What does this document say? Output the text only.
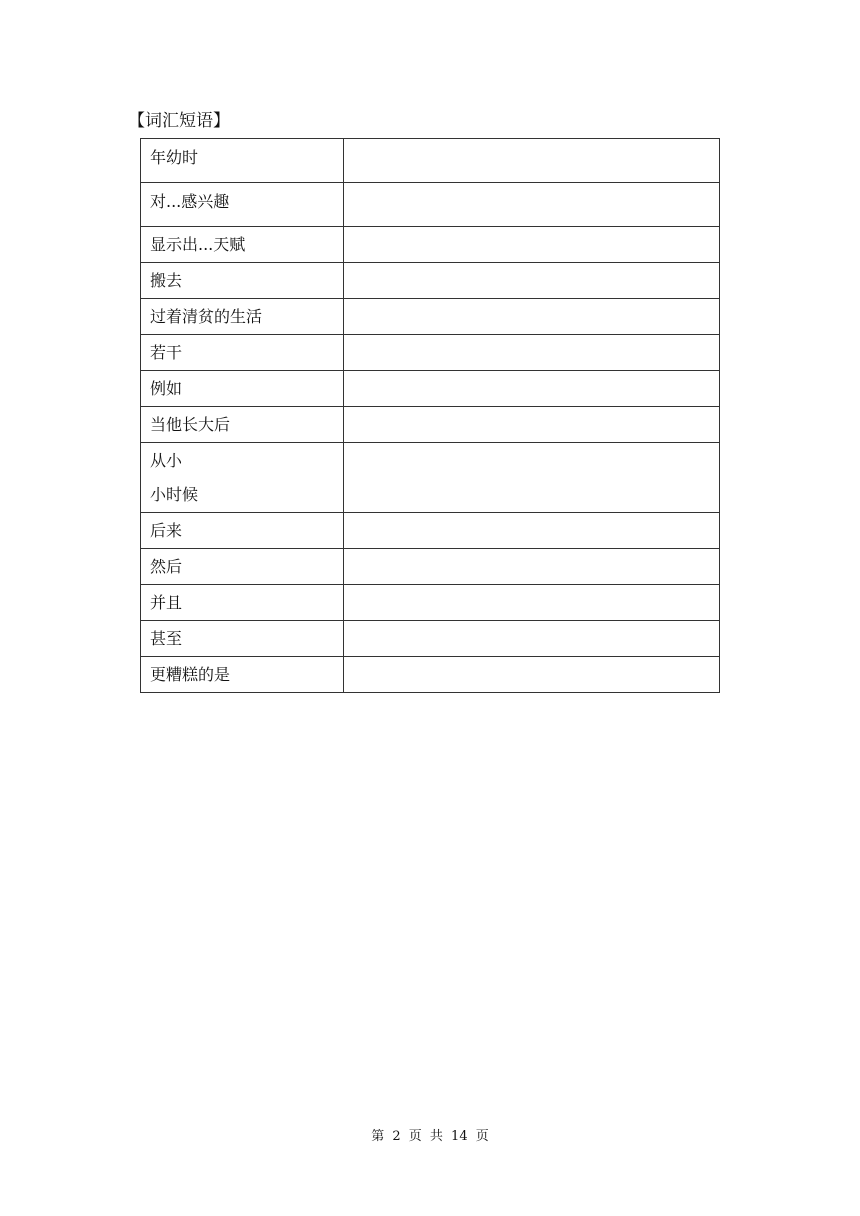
【词汇短语】
年幼时	

对...感兴趣	

显示出...天赋	

搬去	

过着清贫的生活	

若干	

例如	

当他长大后	

从小
小时候	

后来	

然后	

并且	

甚至	

更糟糕的是	

第 2 页 共 14 页
